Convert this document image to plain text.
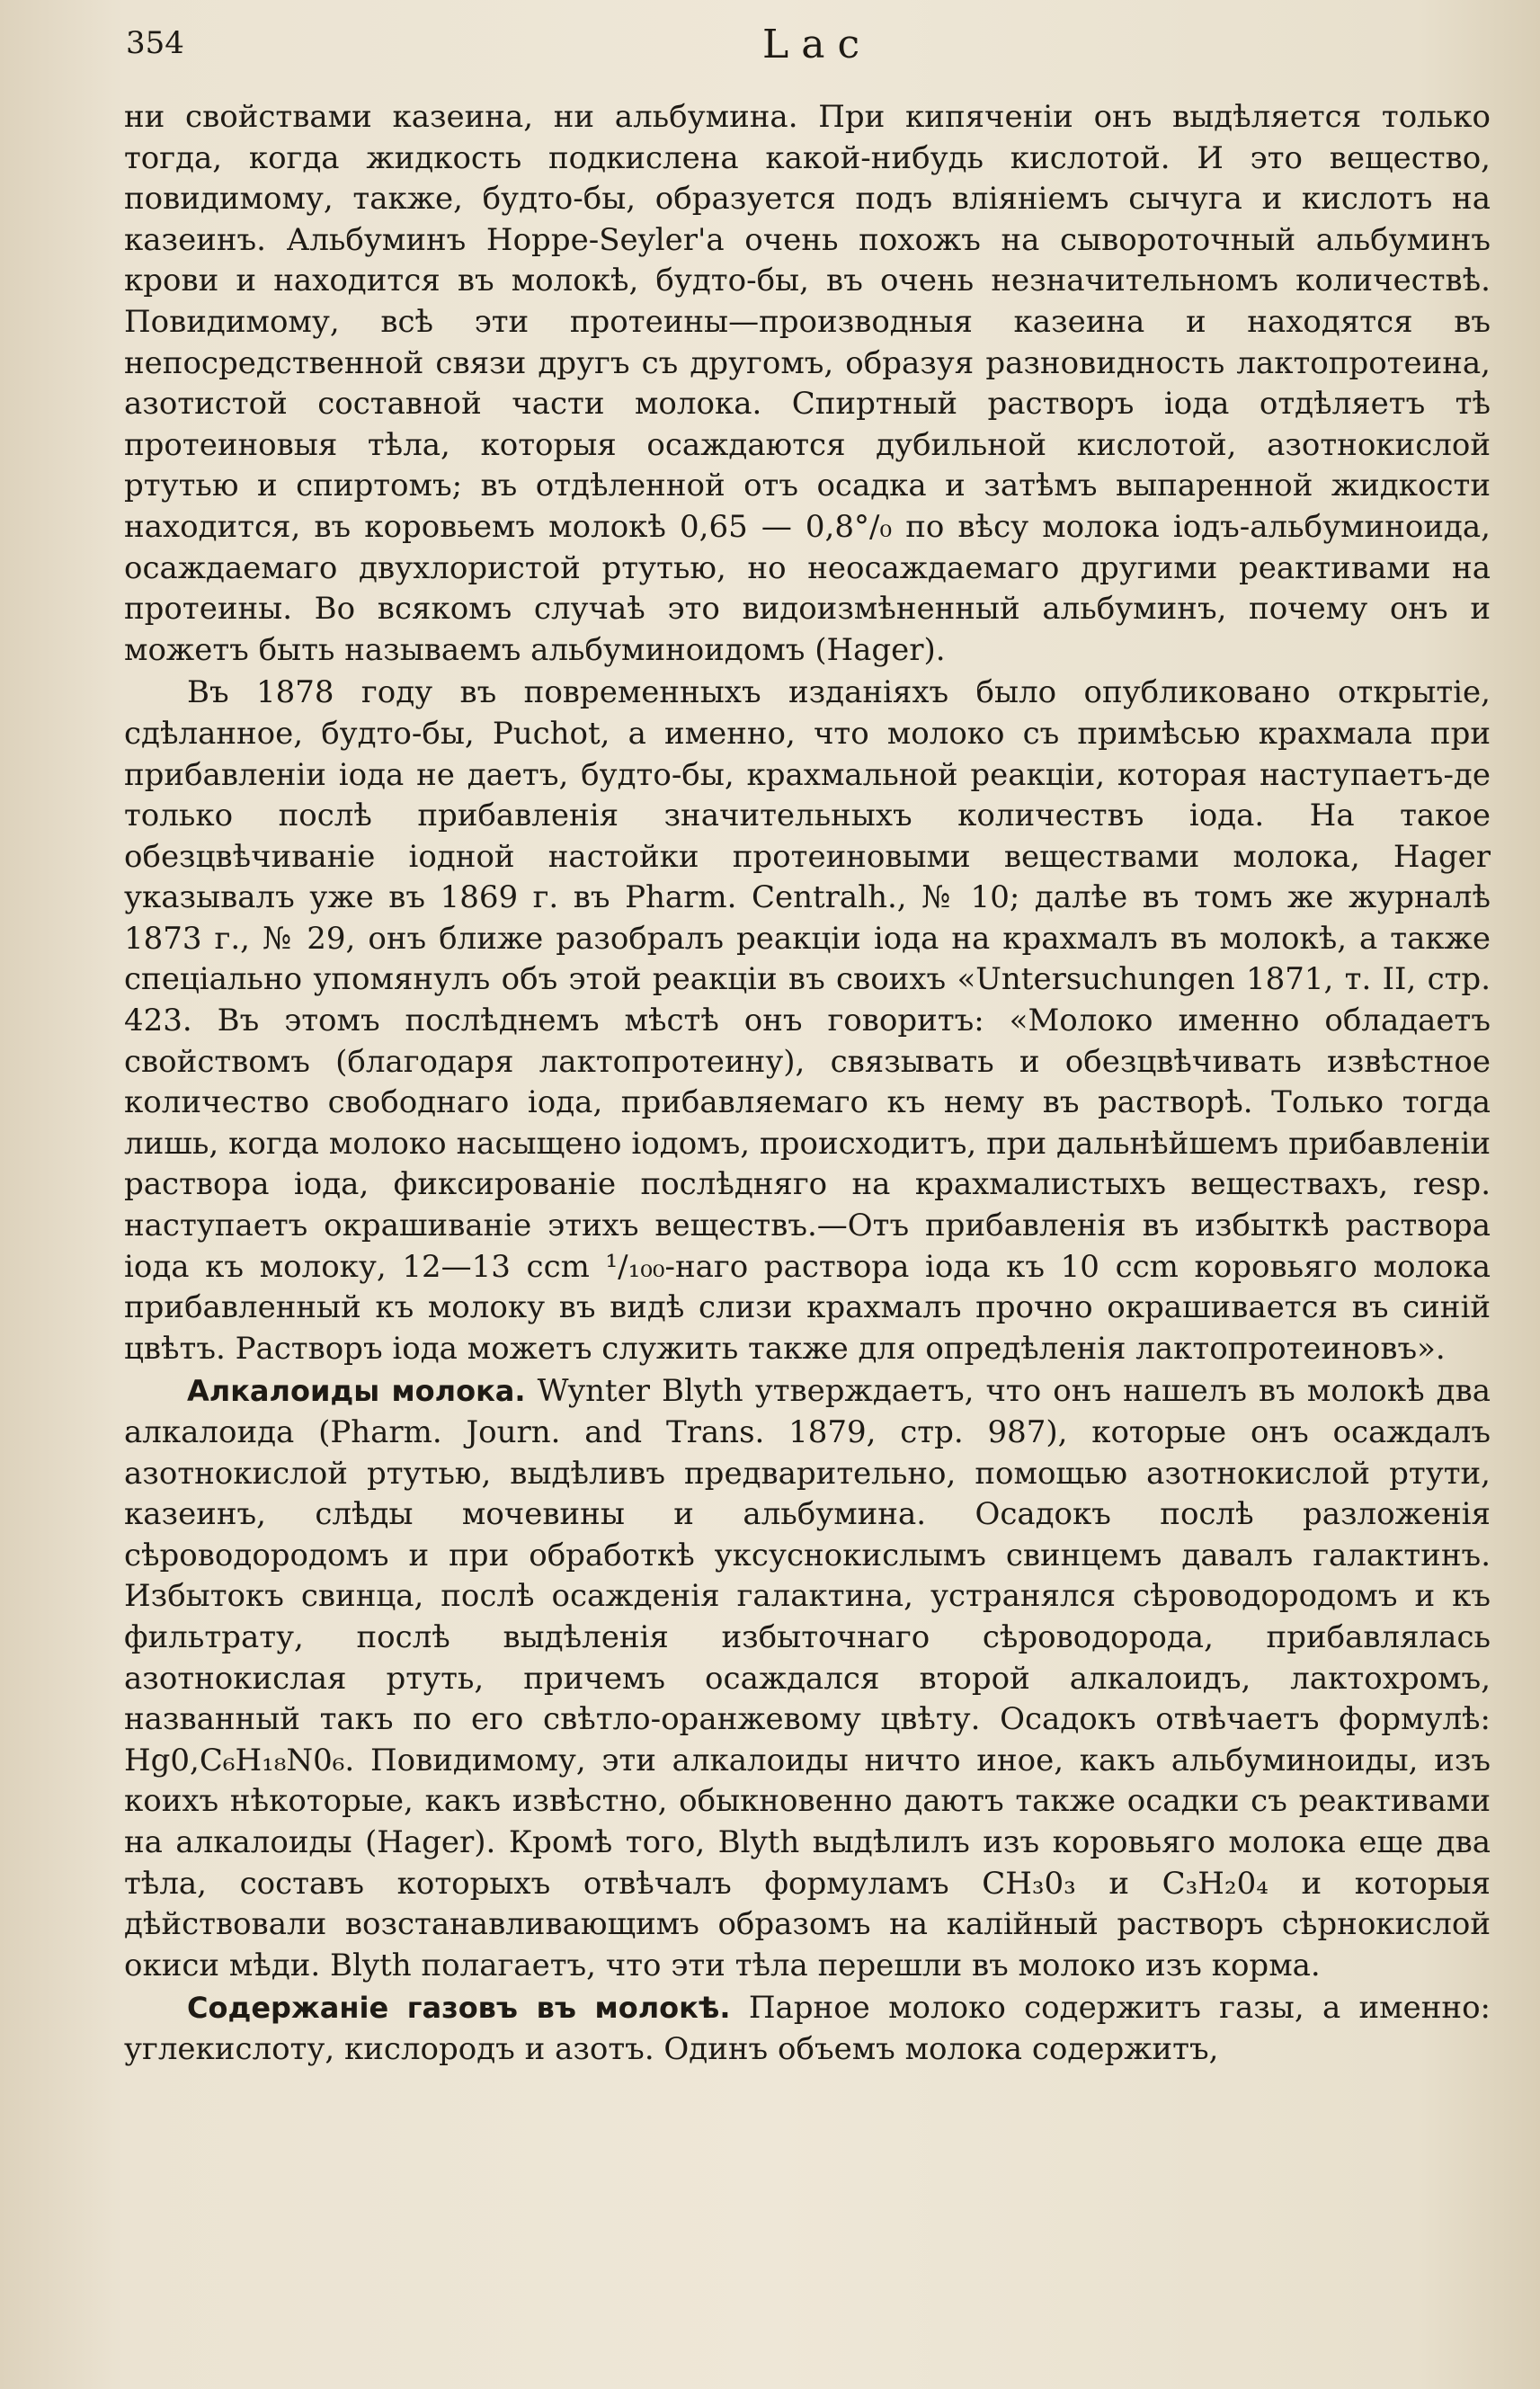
354	Lac

ни свойствами казеина, ни альбумина. При кипяченіи онъ выдѣляется только тогда, когда жидкость подкислена какой-нибудь кислотой. И это вещество, повидимому, также, будто-бы, образуется подъ вліяніемъ сычуга и кислотъ на казеинъ. Альбуминъ Hoppe-Seyler'а очень похожъ на сывороточный альбуминъ крови и находится въ молокѣ, будто-бы, въ очень незначительномъ количествѣ. Повидимому, всѣ эти протеины—производныя казеина и находятся въ непосредственной связи другъ съ другомъ, образуя разновидность лактопротеина, азотистой составной части молока. Спиртный растворъ іода отдѣляетъ тѣ протеиновыя тѣла, которыя осаждаются дубильной кислотой, азотнокислой ртутью и спиртомъ; въ отдѣленной отъ осадка и затѣмъ выпаренной жидкости находится, въ коровьемъ молокѣ 0,65 — 0,8°/₀ по вѣсу молока іодъ-альбуминоида, осаждаемаго двухлористой ртутью, но неосаждаемаго другими реактивами на протеины. Во всякомъ случаѣ это видоизмѣненный альбуминъ, почему онъ и можетъ быть называемъ альбуминоидомъ (Hager).

Въ 1878 году въ повременныхъ изданіяхъ было опубликовано открытіе, сдѣланное, будто-бы, Puchot, а именно, что молоко съ примѣсью крахмала при прибавленіи іода не даетъ, будто-бы, крахмальной реакціи, которая наступаетъ-де только послѣ прибавленія значительныхъ количествъ іода. На такое обезцвѣчиваніе іодной настойки протеиновыми веществами молока, Hager указывалъ уже въ 1869 г. въ Pharm. Centralh., № 10; далѣе въ томъ же журналѣ 1873 г., № 29, онъ ближе разобралъ реакціи іода на крахмалъ въ молокѣ, а также спеціально упомянулъ объ этой реакціи въ своихъ «Untersuchungen 1871, т. II, стр. 423. Въ этомъ послѣднемъ мѣстѣ онъ говоритъ: «Молоко именно обладаетъ свойствомъ (благодаря лактопротеину), связывать и обезцвѣчивать извѣстное количество свободнаго іода, прибавляемаго къ нему въ растворѣ. Только тогда лишь, когда молоко насыщено іодомъ, происходитъ, при дальнѣйшемъ прибавленіи раствора іода, фиксированіе послѣдняго на крахмалистыхъ веществахъ, resp. наступаетъ окрашиваніе этихъ веществъ.—Отъ прибавленія въ избыткѣ раствора іода къ молоку, 12—13 ccm ¹/₁₀₀-наго раствора іода къ 10 ccm коровьяго молока прибавленный къ молоку въ видѣ слизи крахмалъ прочно окрашивается въ синій цвѣтъ. Растворъ іода можетъ служить также для опредѣленія лактопротеиновъ».

Алкалоиды молока. Wynter Blyth утверждаетъ, что онъ нашелъ въ молокѣ два алкалоида (Pharm. Journ. and Trans. 1879, стр. 987), которые онъ осаждалъ азотнокислой ртутью, выдѣливъ предварительно, помощью азотнокислой ртути, казеинъ, слѣды мочевины и альбумина. Осадокъ послѣ разложенія сѣроводородомъ и при обработкѣ уксуснокислымъ свинцемъ давалъ галактинъ. Избытокъ свинца, послѣ осажденія галактина, устранялся сѣроводородомъ и къ фильтрату, послѣ выдѣленія избыточнаго сѣроводорода, прибавлялась азотнокислая ртуть, причемъ осаждался второй алкалоидъ, лактохромъ, названный такъ по его свѣтло-оранжевому цвѣту. Осадокъ отвѣчаетъ формулѣ: Hg0,C₆H₁₈N0₆. Повидимому, эти алкалоиды ничто иное, какъ альбуминоиды, изъ коихъ нѣкоторые, какъ извѣстно, обыкновенно даютъ также осадки съ реактивами на алкалоиды (Hager). Кромѣ того, Blyth выдѣлилъ изъ коровьяго молока еще два тѣла, составъ которыхъ отвѣчалъ формуламъ CH₃0₃ и C₃H₂0₄ и которыя дѣйствовали возстанавливающимъ образомъ на калійный растворъ сѣрнокислой окиси мѣди. Blyth полагаетъ, что эти тѣла перешли въ молоко изъ корма.

Содержаніе газовъ въ молокѣ. Парное молоко содержитъ газы, а именно: углекислоту, кислородъ и азотъ. Одинъ объемъ молока содержитъ,
